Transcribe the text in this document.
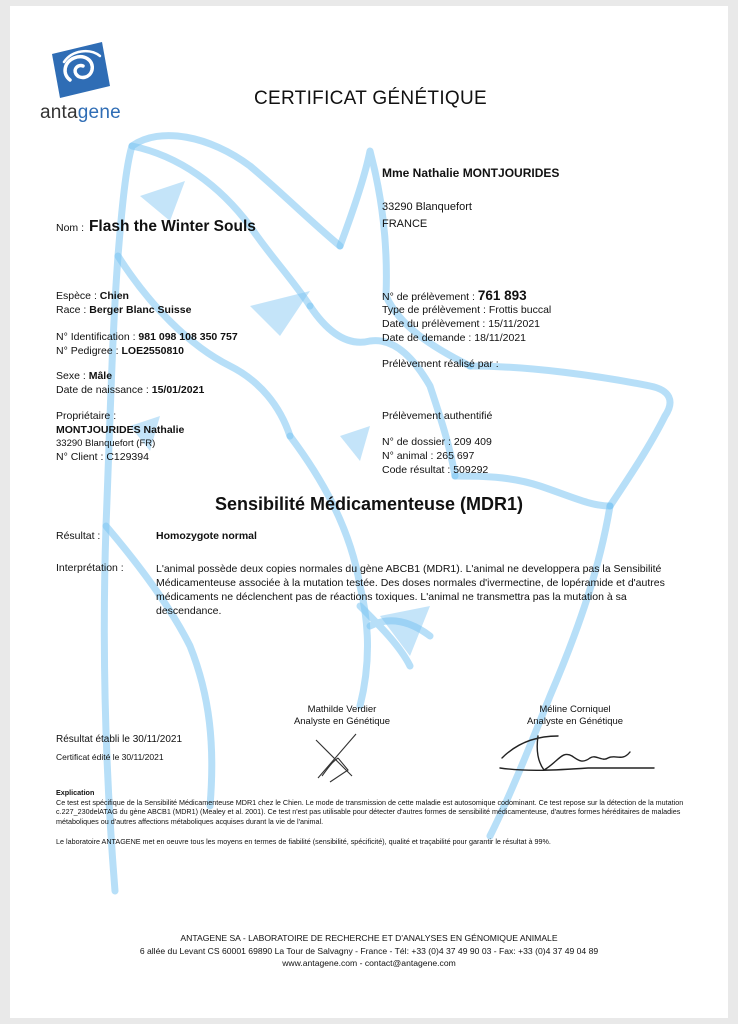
antagene
CERTIFICAT GÉNÉTIQUE
Mme Nathalie MONTJOURIDES
33290 Blanquefort
FRANCE
Nom : Flash the Winter Souls
Espèce : Chien
Race : Berger Blanc Suisse
N° Identification : 981 098 108 350 757
N° Pedigree : LOE2550810
Sexe : Mâle
Date de naissance : 15/01/2021
Propriétaire :
MONTJOURIDES Nathalie
33290 Blanquefort (FR)
N° Client : C129394
N° de prélèvement : 761 893
Type de prélèvement : Frottis buccal
Date du prélèvement : 15/11/2021
Date de demande : 18/11/2021
Prélèvement réalisé par :
Prélèvement authentifié
N° de dossier : 209 409
N° animal : 265 697
Code résultat : 509292
Sensibilité Médicamenteuse (MDR1)
Résultat :	Homozygote normal
Interprétation :	L'animal possède deux copies normales du gène ABCB1 (MDR1). L'animal ne developpera pas la Sensibilité Médicamenteuse associée à la mutation testée. Des doses normales d'ivermectine, de lopéramide et d'autres médicaments ne déclenchent pas de réactions toxiques. L'animal ne transmettra pas la mutation à sa descendance.
Mathilde Verdier
Analyste en Génétique
Méline Corniquel
Analyste en Génétique
Résultat établi le 30/11/2021
Certificat édité le 30/11/2021
Explication
Ce test est spécifique de la Sensibilité Médicamenteuse MDR1 chez le Chien. Le mode de transmission de cette maladie est autosomique codominant. Ce test repose sur la détection de la mutation c.227_230delATAG du gène ABCB1 (MDR1) (Mealey et al. 2001). Ce test n'est pas utilisable pour détecter d'autres formes de sensibilité médicamenteuse, d'autres formes héréditaires de maladies métaboliques ou d'autres affections métaboliques acquises durant la vie de l'animal.
Le laboratoire ANTAGENE met en oeuvre tous les moyens en termes de fiabilité (sensibilité, spécificité), qualité et traçabilité pour garantir le résultat à 99%.
ANTAGENE SA - LABORATOIRE DE RECHERCHE ET D'ANALYSES EN GÉNOMIQUE ANIMALE
6 allée du Levant CS 60001 69890 La Tour de Salvagny - France - Tél: +33 (0)4 37 49 90 03 - Fax: +33 (0)4 37 49 04 89
www.antagene.com - contact@antagene.com
